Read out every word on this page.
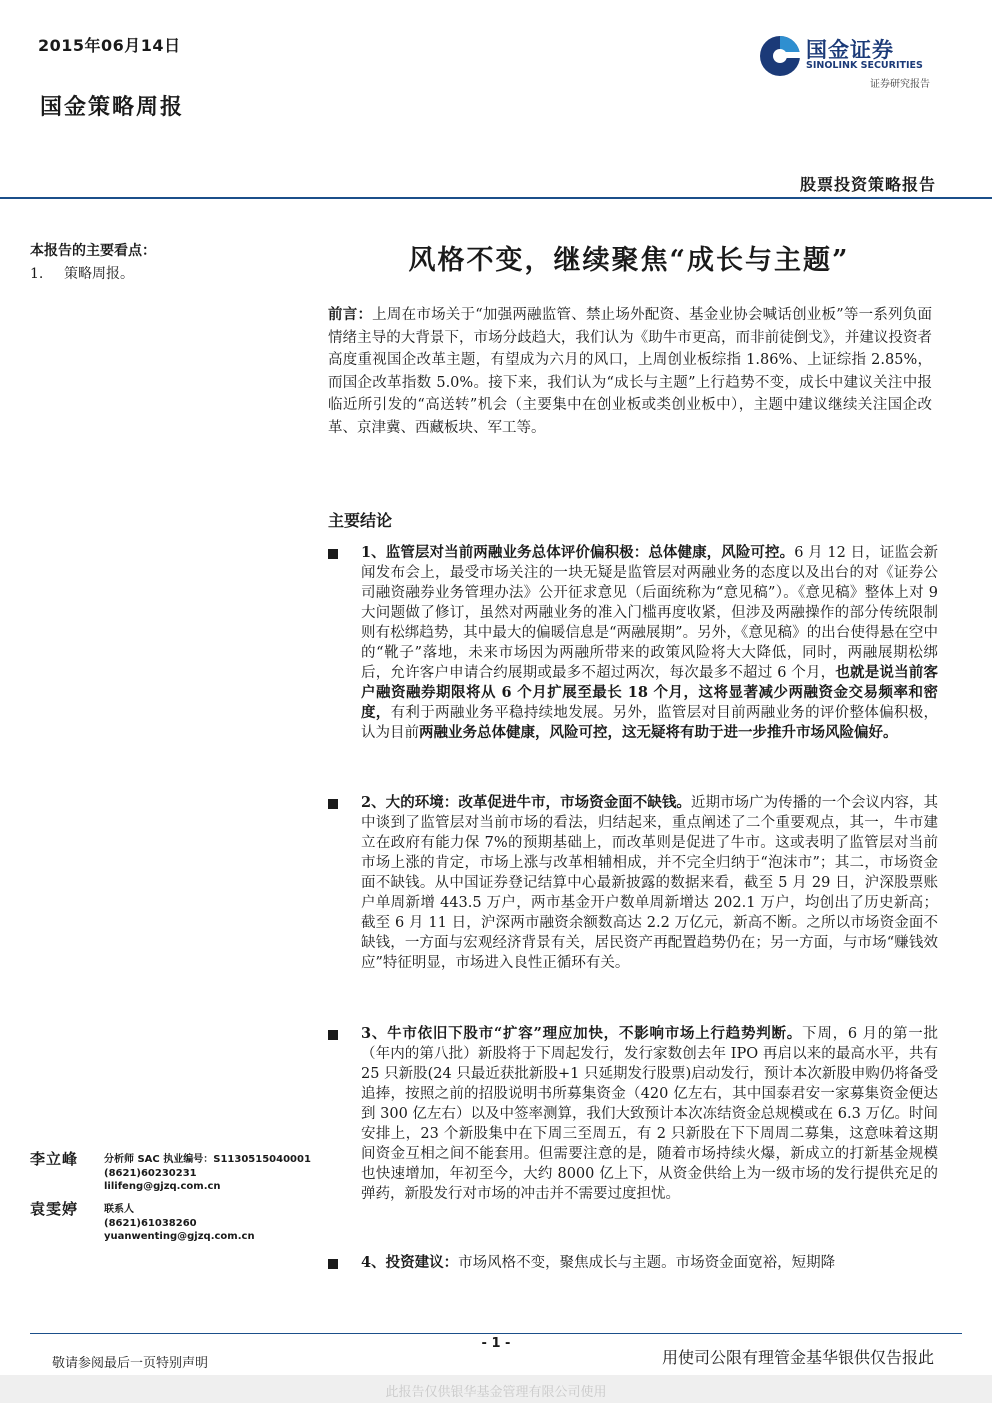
2015年06月14日
国金策略周报
国金证券
SINOLINK SECURITIES
证券研究报告
股票投资策略报告
本报告的主要看点：
1. 策略周报。	风格不变，继续聚焦“成长与主题”
前言：上周在市场关于“加强两融监管、禁止场外配资、基金业协会喊话创业板”等一系列负面情绪主导的大背景下，市场分歧趋大，我们认为《助牛市更高，而非前徒倒戈》，并建议投资者高度重视国企改革主题，有望成为六月的风口，上周创业板综指 1.86%、上证综指 2.85%，而国企改革指数 5.0%。接下来，我们认为“成长与主题”上行趋势不变，成长中建议关注中报临近所引发的“高送转”机会（主要集中在创业板或类创业板中），主题中建议继续关注国企改革、京津冀、西藏板块、军工等。
主要结论
1、监管层对当前两融业务总体评价偏积极：总体健康，风险可控。6 月 12 日，证监会新闻发布会上，最受市场关注的一块无疑是监管层对两融业务的态度以及出台的对《证券公司融资融券业务管理办法》公开征求意见（后面统称为“意见稿”）。《意见稿》整体上对 9 大问题做了修订，虽然对两融业务的准入门槛再度收紧，但涉及两融操作的部分传统限制则有松绑趋势，其中最大的偏暖信息是“两融展期”。另外，《意见稿》的出台使得悬在空中的“靴子”落地，未来市场因为两融所带来的政策风险将大大降低，同时，两融展期松绑后，允许客户申请合约展期或最多不超过两次，每次最多不超过 6 个月，也就是说当前客户融资融券期限将从 6 个月扩展至最长 18 个月，这将显著减少两融资金交易频率和密度，有利于两融业务平稳持续地发展。另外，监管层对目前两融业务的评价整体偏积极，认为目前两融业务总体健康，风险可控，这无疑将有助于进一步推升市场风险偏好。
2、大的环境：改革促进牛市，市场资金面不缺钱。近期市场广为传播的一个会议内容，其中谈到了监管层对当前市场的看法，归结起来，重点阐述了二个重要观点，其一，牛市建立在政府有能力保 7%的预期基础上，而改革则是促进了牛市。这或表明了监管层对当前市场上涨的肯定，市场上涨与改革相辅相成，并不完全归纳于“泡沫市”；其二，市场资金面不缺钱。从中国证券登记结算中心最新披露的数据来看，截至 5 月 29 日，沪深股票账户单周新增 443.5 万户，两市基金开户数单周新增达 202.1 万户，均创出了历史新高；截至 6 月 11 日，沪深两市融资余额数高达 2.2 万亿元，新高不断。之所以市场资金面不缺钱，一方面与宏观经济背景有关，居民资产再配置趋势仍在；另一方面，与市场“赚钱效应”特征明显，市场进入良性正循环有关。
3、牛市依旧下股市“扩容”理应加快，不影响市场上行趋势判断。下周，6 月的第一批（年内的第八批）新股将于下周起发行，发行家数创去年 IPO 再启以来的最高水平，共有 25 只新股(24 只最近获批新股+1 只延期发行股票)启动发行，预计本次新股申购仍将备受追捧，按照之前的招股说明书所募集资金（420 亿左右，其中国泰君安一家募集资金便达到 300 亿左右）以及中签率测算，我们大致预计本次冻结资金总规模或在 6.3 万亿。时间安排上，23 个新股集中在下周三至周五，有 2 只新股在下下周周二募集，这意味着这期间资金互相之间不能套用。但需要注意的是，随着市场持续火爆，新成立的打新基金规模也快速增加，年初至今，大约 8000 亿上下，从资金供给上为一级市场的发行提供充足的弹药，新股发行对市场的冲击并不需要过度担忧。
4、投资建议：市场风格不变，聚焦成长与主题。市场资金面宽裕，短期降
李立峰	分析师 SAC 执业编号：S1130515040001
(8621)60230231
lilifeng@gjzq.com.cn
袁雯婷	联系人
(8621)61038260
yuanwenting@gjzq.com.cn
- 1 -
敬请参阅最后一页特别声明	用使司公限有理管金基华银供仅告报此
此报告仅供银华基金管理有限公司使用
